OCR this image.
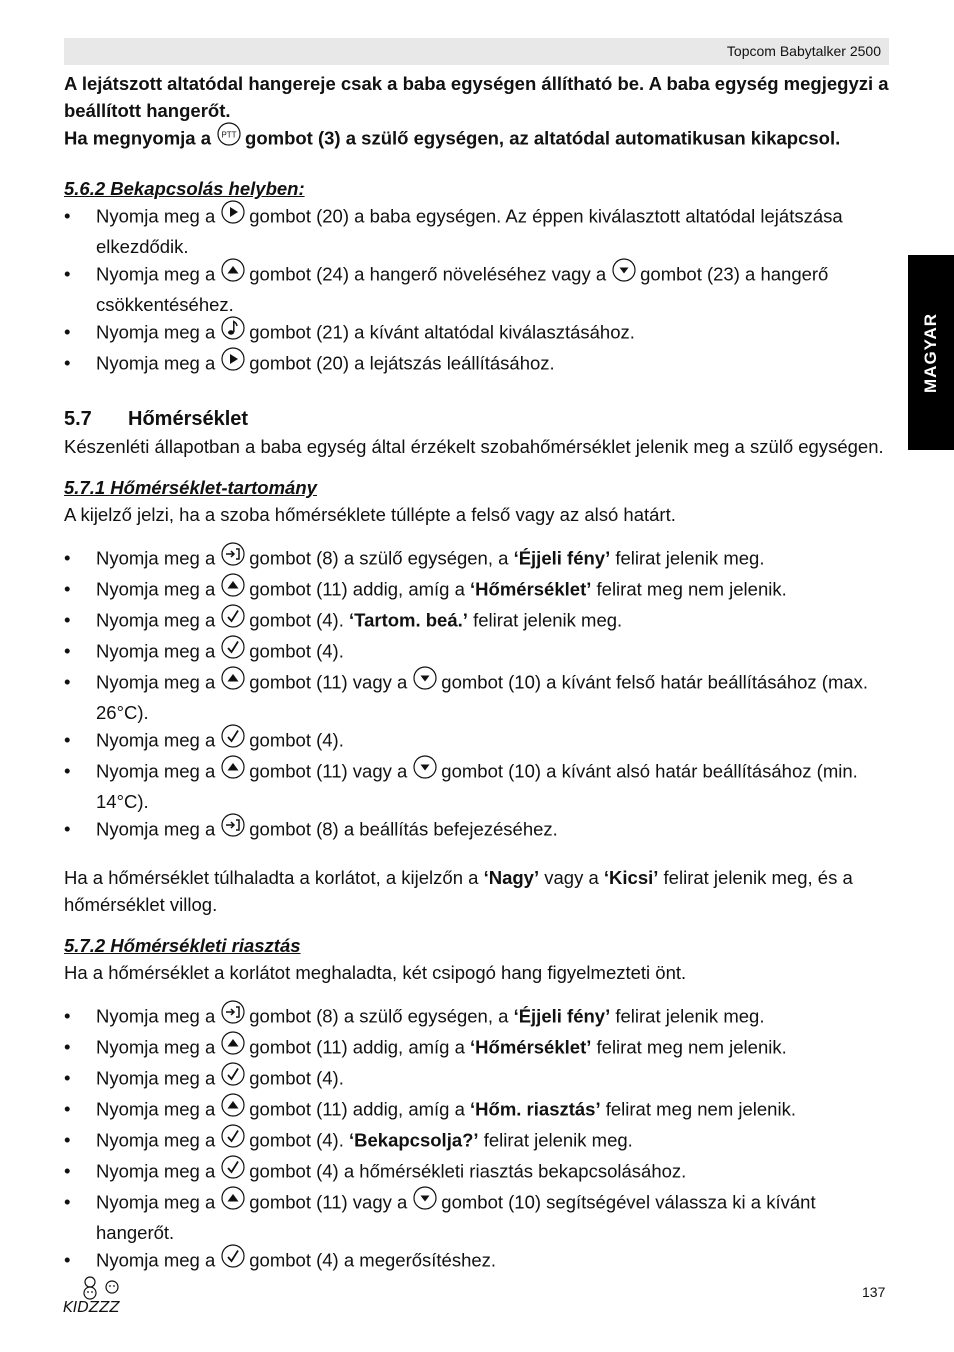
Topcom Babytalker 2500
MAGYAR

A lejátszott altatódal hangereje csak a baba egységen állítható be. A baba egység megjegyzi a beállított hangerőt.

Ha megnyomja a PTT gombot (3) a szülő egységen, az altatódal automatikusan kikapcsol.

5.6.2 Bekapcsolás helyben:

• Nyomja meg a gombot (20) a baba egységen. Az éppen kiválasztott altatódal lejátszása elkezdődik.
• Nyomja meg a gombot (24) a hangerő növeléséhez vagy a gombot (23) a hangerő csökkentéséhez.
• Nyomja meg a gombot (21) a kívánt altatódal kiválasztásához.
• Nyomja meg a gombot (20) a lejátszás leállításához.

5.7 Hőmérséklet

Készenléti állapotban a baba egység által érzékelt szobahőmérséklet jelenik meg a szülő egységen.

5.7.1 Hőmérséklet-tartomány

A kijelző jelzi, ha a szoba hőmérséklete túllépte a felső vagy az alsó határt.

• Nyomja meg a gombot (8) a szülő egységen, a ‘Éjjeli fény’ felirat jelenik meg.
• Nyomja meg a gombot (11) addig, amíg a ‘Hőmérséklet’ felirat meg nem jelenik.
• Nyomja meg a gombot (4). ‘Tartom. beá.’ felirat jelenik meg.
• Nyomja meg a gombot (4).
• Nyomja meg a gombot (11) vagy a gombot (10) a kívánt felső határ beállításához (max. 26°C).
• Nyomja meg a gombot (4).
• Nyomja meg a gombot (11) vagy a gombot (10) a kívánt alsó határ beállításához (min. 14°C).
• Nyomja meg a gombot (8) a beállítás befejezéséhez.

Ha a hőmérséklet túlhaladta a korlátot, a kijelzőn a ‘Nagy’ vagy a ‘Kicsi’ felirat jelenik meg, és a hőmérséklet villog.

5.7.2 Hőmérsékleti riasztás

Ha a hőmérséklet a korlátot meghaladta, két csipogó hang figyelmezteti önt.

• Nyomja meg a gombot (8) a szülő egységen, a ‘Éjjeli fény’ felirat jelenik meg.
• Nyomja meg a gombot (11) addig, amíg a ‘Hőmérséklet’ felirat meg nem jelenik.
• Nyomja meg a gombot (4).
• Nyomja meg a gombot (11) addig, amíg a ‘Hőm. riasztás’ felirat meg nem jelenik.
• Nyomja meg a gombot (4). ‘Bekapcsolja?’ felirat jelenik meg.
• Nyomja meg a gombot (4) a hőmérsékleti riasztás bekapcsolásához.
• Nyomja meg a gombot (11) vagy a gombot (10) segítségével válassza ki a kívánt hangerőt.
• Nyomja meg a gombot (4) a megerősítéshez.
KIDZZZ
137
